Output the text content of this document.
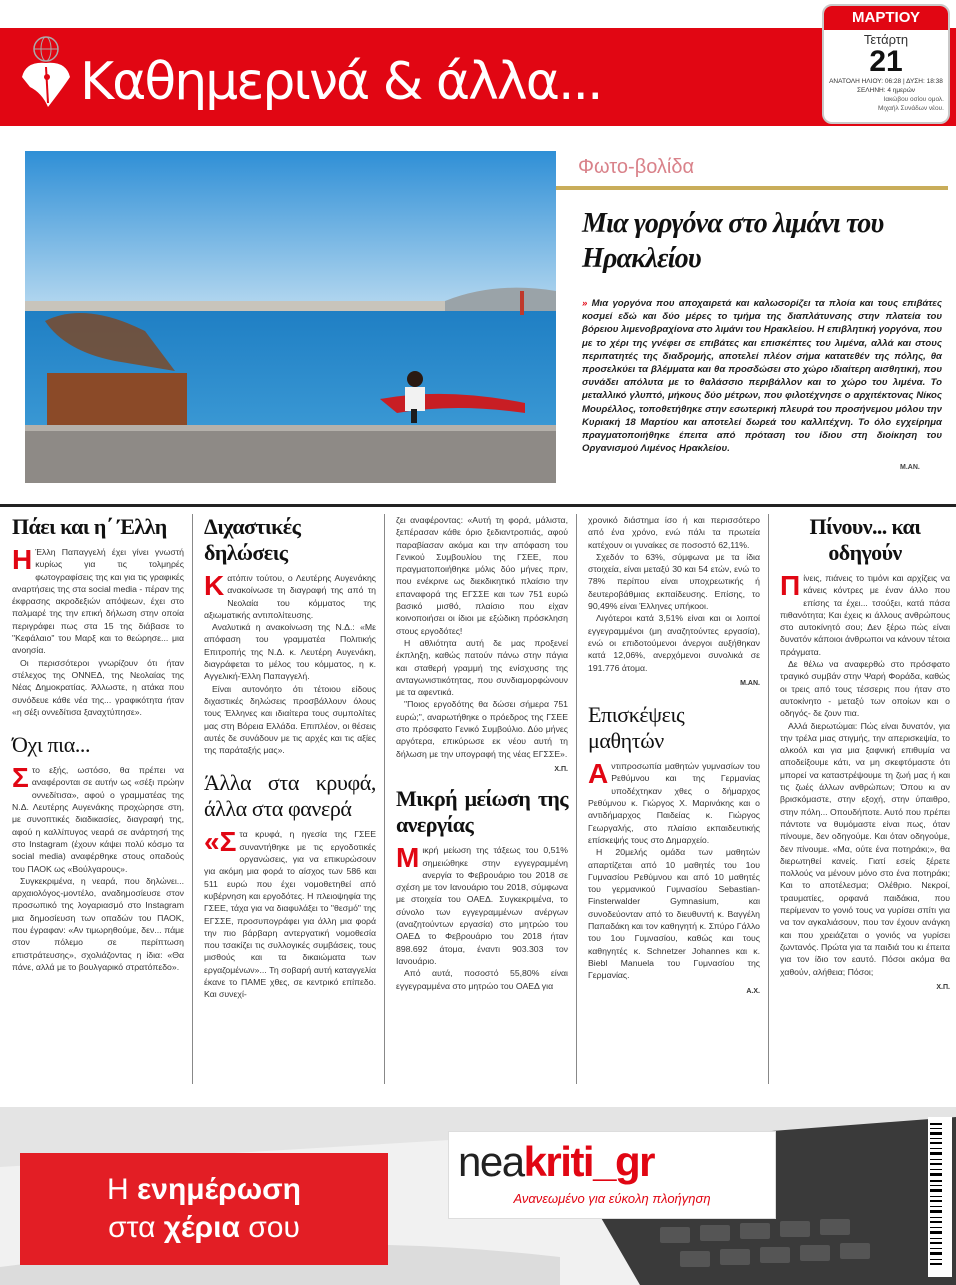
Καθημερινά & άλλα...
ΜΑΡΤΙΟΥ
Τετάρτη
21
ΑΝΑΤΟΛΗ ΗΛΙΟΥ: 06:28 | ΔΥΣΗ: 18:38
ΣΕΛΗΝΗ: 4 ημερών
Ιακώβου οσίου ομολ.
Μιχαήλ Συνάδων νέου.
Φωτο-βολίδα
Μια γοργόνα στο λιμάνι του Ηρακλείου
» Μια γοργόνα που αποχαιρετά και καλωσορίζει τα πλοία και τους επιβάτες κοσμεί εδώ και δύο μέρες το τμήμα της διαπλάτυνσης στην πλατεία του βόρειου λιμενοβραχίονα στο λιμάνι του Ηρακλείου. Η επιβλητική γοργόνα, που με το χέρι της γνέφει σε επιβάτες και επισκέπτες του λιμένα, αλλά και στους περιπατητές της διαδρομής, αποτελεί πλέον σήμα κατατεθέν της πόλης, θα προσελκύει τα βλέμματα και θα προσδώσει στο χώρο ιδιαίτερη αισθητική, που συνάδει απόλυτα με το θαλάσσιο περιβάλλον και το χώρο του λιμένα. Το μεταλλικό γλυπτό, μήκους δύο μέτρων, που φιλοτέχνησε ο αρχιτέκτονας Νίκος Μουρέλλος, τοποθετήθηκε στην εσωτερική πλευρά του προσήνεμου μόλου την Κυριακή 18 Μαρτίου και αποτελεί δωρεά του καλλιτέχνη. Το όλο εγχείρημα πραγματοποιήθηκε έπειτα από πρόταση του ίδιου στη διοίκηση του Οργανισμού Λιμένος Ηρακλείου.
Μ.ΑΝ.
Πάει και η΄ Έλλη

Η Έλλη Παπαγγελή έχει γίνει γνωστή κυρίως για τις τολμηρές φωτογραφίσεις της και για τις γραφικές αναρτήσεις της στα social media - πέραν της έκφρασης ακροδεξιών απόψεων, έχει στο παλμαρέ της την επική δήλωση στην οποία περιγράφει πως στα 15 της διάβασε το "Κεφάλαιο" του Μαρξ και το θεώρησε... μια ανοησία.

Οι περισσότεροι γνωρίζουν ότι ήταν στέλεχος της ΟΝΝΕΔ, της Νεολαίας της Νέας Δημοκρατίας. Άλλωστε, η ατάκα που συνόδευε κάθε νέα της... γραφικότητα ήταν «η σέξι οννεδίτισα ξαναχτύπησε».

Όχι πια...

Στο εξής, ωστόσο, θα πρέπει να αναφέρονται σε αυτήν ως «σέξι πρώην οννεδίτισα», αφού ο γραμματέας της Ν.Δ. Λευτέρης Αυγενάκης προχώρησε στη, με συνοπτικές διαδικασίες, διαγραφή της, αφού η καλλίπυγος νεαρά σε ανάρτησή της στο Instagram (έχουν κάψει πολύ κόσμο τα social media) αναφέρθηκε στους οπαδούς του ΠΑΟΚ ως «Βούλγαρους».

Συγκεκριμένα, η νεαρά, που δηλώνει... αρχαιολόγος-μοντέλο, αναδημοσίευσε στον προσωπικό της λογαριασμό στο Instagram μια δημοσίευση των οπαδών του ΠΑΟΚ, που έγραφαν: «Αν τιμωρηθούμε, δεν... πάμε στον πόλεμο σε περίπτωση επιστράτευσης», σχολιάζοντας η ίδια: «Θα πάνε, αλλά με το βουλγαρικό στρατόπεδο».

Διχαστικές δηλώσεις

Κατόπιν τούτου, ο Λευτέρης Αυγενάκης ανακοίνωσε τη διαγραφή της από τη Νεολαία του κόμματος της αξιωματικής αντιπολίτευσης.

Αναλυτικά η ανακοίνωση της Ν.Δ.: «Με απόφαση του γραμματέα Πολιτικής Επιτροπής της Ν.Δ. κ. Λευτέρη Αυγενάκη, διαγράφεται το μέλος του κόμματος, η κ. Αγγελική-Έλλη Παπαγγελή.

Είναι αυτονόητο ότι τέτοιου είδους διχαστικές δηλώσεις προσβάλλουν όλους τους Έλληνες και ιδιαίτερα τους συμπολίτες μας στη Βόρεια Ελλάδα. Επιπλέον, οι θέσεις αυτές δε συνάδουν με τις αρχές και τις αξίες της παράταξής μας».

Άλλα στα κρυφά, άλλα στα φανερά

«Στα κρυφά, η ηγεσία της ΓΣΕΕ συναντήθηκε με τις εργοδοτικές οργανώσεις, για να επικυρώσουν για ακόμη μια φορά το αίσχος των 586 και 511 ευρώ που έχει νομοθετηθεί από κυβέρνηση και εργοδότες. Η πλειοψηφία της ΓΣΕΕ, τάχα για να διαφυλάξει το "θεσμό" της ΕΓΣΣΕ, προσυπογράφει για άλλη μια φορά την πιο βάρβαρη αντεργατική νομοθεσία που τσακίζει τις συλλογικές συμβάσεις, τους μισθούς και τα δικαιώματα των εργαζομένων»... Τη σοβαρή αυτή καταγγελία έκανε το ΠΑΜΕ χθες, σε κεντρικό επίπεδο. Και συνεχί-

ζει αναφέροντας: «Αυτή τη φορά, μάλιστα, ξεπέρασαν κάθε όριο ξεδιαντροπιάς, αφού παραβίασαν ακόμα και την απόφαση του Γενικού Συμβουλίου της ΓΣΕΕ, που πραγματοποιήθηκε μόλις δύο μήνες πριν, που ενέκρινε ως διεκδικητικό πλαίσιο την επαναφορά της ΕΓΣΣΕ και των 751 ευρώ βασικό μισθό, πλαίσιο που είχαν κοινοποιήσει οι ίδιοι με εξώδικη πρόσκληση στους εργοδότες!

Η αθλιότητα αυτή δε μας προξενεί έκπληξη, καθώς πατούν πάνω στην πάγια και σταθερή γραμμή της ενίσχυσης της ανταγωνιστικότητας, που συνδιαμορφώνουν με τα αφεντικά.

"Ποιος εργοδότης θα δώσει σήμερα 751 ευρώ;", αναρωτήθηκε ο πρόεδρος της ΓΣΕΕ στο πρόσφατο Γενικό Συμβούλιο. Δύο μήνες αργότερα, επικύρωσε εκ νέου αυτή τη δήλωση με την υπογραφή της νέας ΕΓΣΣΕ».

Χ.Π.
Μικρή μείωση της ανεργίας

Μικρή μείωση της τάξεως του 0,51% σημειώθηκε στην εγγεγραμμένη ανεργία το Φεβρουάριο του 2018 σε σχέση με τον Ιανουάριο του 2018, σύμφωνα με στοιχεία του ΟΑΕΔ. Συγκεκριμένα, το σύνολο των εγγεγραμμένων ανέργων (αναζητούντων εργασία) στο μητρώο του ΟΑΕΔ το Φεβρουάριο του 2018 ήταν 898.692 άτομα, έναντι 903.303 τον Ιανουάριο.

Από αυτά, ποσοστό 55,80% είναι εγγεγραμμένα στο μητρώο του ΟΑΕΔ για

χρονικό διάστημα ίσο ή και περισσότερο από ένα χρόνο, ενώ πάλι τα πρωτεία κατέχουν οι γυναίκες σε ποσοστό 62,11%.

Σχεδόν το 63%, σύμφωνα με τα ίδια στοιχεία, είναι μεταξύ 30 και 54 ετών, ενώ το 78% περίπου είναι υποχρεωτικής ή δευτεροβάθμιας εκπαίδευσης. Επίσης, το 90,49% είναι Έλληνες υπήκοοι.

Λιγότεροι κατά 3,51% είναι και οι λοιποί εγγεγραμμένοι (μη αναζητούντες εργασία), ενώ οι επιδοτούμενοι άνεργοι αυξήθηκαν κατά 12,06%, ανερχόμενοι συνολικά σε 191.776 άτομα.

Μ.ΑΝ.
Επισκέψεις μαθητών

Αντιπροσωπία μαθητών γυμνασίων του Ρεθύμνου και της Γερμανίας υποδέχτηκαν χθες ο δήμαρχος Ρεθύμνου κ. Γιώργος Χ. Μαρινάκης και ο αντιδήμαρχος Παιδείας κ. Γιώργος Γεωργαλής, στο πλαίσιο εκπαιδευτικής επίσκεψής τους στο Δημαρχείο.

Η 20μελής ομάδα των μαθητών απαρτίζεται από 10 μαθητές του 1ου Γυμνασίου Ρεθύμνου και από 10 μαθητές του γερμανικού Γυμνασίου Sebastian-Finsterwalder Gymnasium, και συνοδεύονταν από το διευθυντή κ. Βαγγέλη Παπαδάκη και τον καθηγητή κ. Σπύρο Γάλλο του 1ου Γυμνασίου, καθώς και τους καθηγητές κ. Schnetzer Johannes και κ. Biebl Manuela του Γυμνασίου της Γερμανίας.

Α.Χ.
Πίνουν... και οδηγούν

Πίνεις, πιάνεις το τιμόνι και αρχίζεις να κάνεις κόντρες με έναν άλλο που επίσης τα έχει... τσούξει, κατά πάσα πιθανότητα; Και έχεις κι άλλους ανθρώπους στο αυτοκίνητό σου; Δεν ξέρω πώς είναι δυνατόν κάποιοι άνθρωποι να κάνουν τέτοια πράγματα.

Δε θέλω να αναφερθώ στο πρόσφατο τραγικό συμβάν στην Ψαρή Φοράδα, καθώς οι τρεις από τους τέσσερις που ήταν στο αυτοκίνητο - μεταξύ των οποίων και ο οδηγός- δε ζουν πια.

Αλλά διερωτώμαι: Πώς είναι δυνατόν, για την τρέλα μιας στιγμής, την απερισκεψία, το αλκοόλ και για μια ξαφνική επιθυμία να αποδείξουμε κάτι, να μη σκεφτόμαστε ότι μπορεί να καταστρέψουμε τη ζωή μας ή και τις ζωές άλλων ανθρώπων; Όπου κι αν βρισκόμαστε, στην εξοχή, στην ύπαιθρο, στην πόλη... Οπουδήποτε. Αυτό που πρέπει πάντοτε να θυμόμαστε είναι πως, όταν πίνουμε, δεν οδηγούμε. Και όταν οδηγούμε, δεν πίνουμε. «Μα, ούτε ένα ποτηράκι;», θα διερωτηθεί κανείς. Γιατί εσείς ξέρετε πολλούς να μένουν μόνο στο ένα ποτηράκι; Και το αποτέλεσμα; Ολέθριο. Νεκροί, τραυματίες, ορφανά παιδάκια, που περίμεναν το γονιό τους να γυρίσει σπίτι για να τον αγκαλιάσουν, που τον έχουν ανάγκη και που χρειάζεται ο γονιός να γυρίσει ζωντανός. Πρώτα για τα παιδιά του κι έπειτα για τον ίδιο τον εαυτό. Πόσοι ακόμα θα χαθούν, αλήθεια; Πόσοι;

Χ.Π.
Η ενημέρωση
στα χέρια σου
neakriti_gr
Ανανεωμένο για εύκολη πλοήγηση
